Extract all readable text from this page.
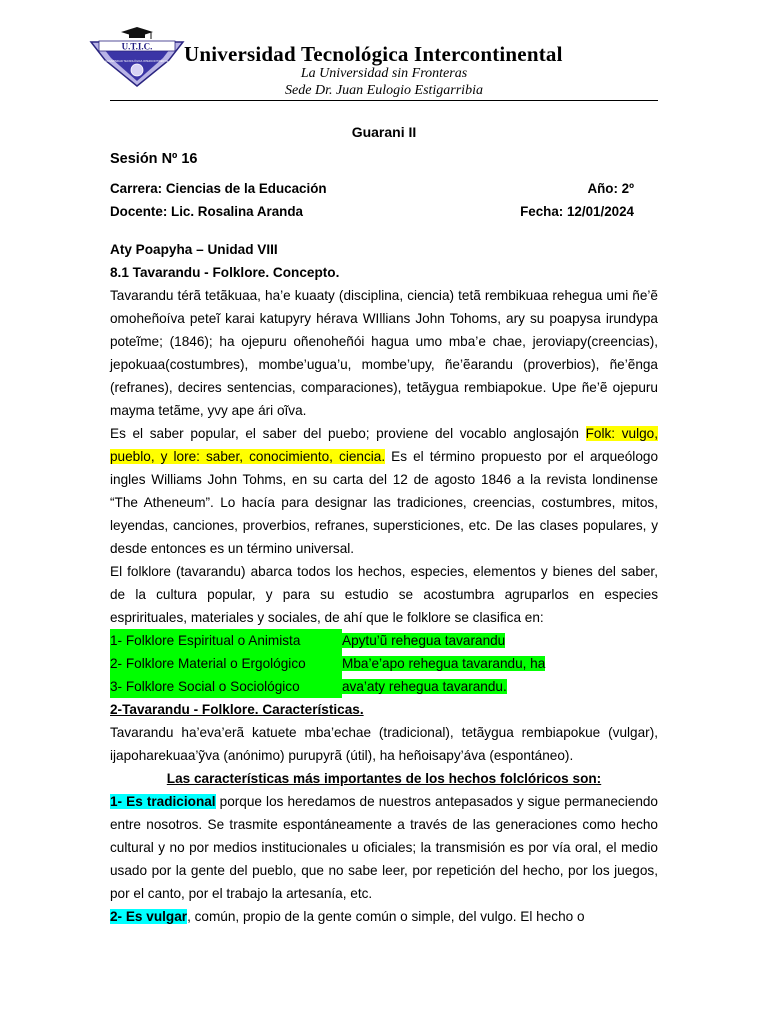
U.T.I.C.
UNIVERSIDAD TECNOLÓGICA INTERCONTINENTAL Universidad Tecnológica Intercontinental
La Universidad sin Fronteras
Sede Dr. Juan Eulogio Estigarribia
Guarani II
Sesión Nº 16
Carrera: Ciencias de la Educación	Año: 2º
Docente: Lic. Rosalina Aranda	Fecha: 12/01/2024
Aty Poapyha – Unidad VIII
8.1 Tavarandu - Folklore. Concepto.

Tavarandu térã tetãkuaa, ha’e kuaaty (disciplina, ciencia) tetã rembikuaa rehegua umi ñe’ẽ omoheñoíva peteĩ karai katupyry hérava WIllians John Tohoms, ary su poapysa irundypa poteĩme; (1846); ha ojepuru oñenoheñói hagua umo mba’e chae, jeroviapy(creencias), jepokuaa(costumbres), mombe’ugua’u, mombe’upy, ñe’ẽarandu (proverbios), ñe’ẽnga (refranes), decires sentencias, comparaciones), tetãygua rembiapokue. Upe ñe’ẽ ojepuru mayma tetãme, yvy ape ári oĩva.

Es el saber popular, el saber del puebo; proviene del vocablo anglosajón Folk: vulgo, pueblo, y lore: saber, conocimiento, ciencia. Es el término propuesto por el arqueólogo ingles Williams John Tohms, en su carta del 12 de agosto 1846 a la revista londinense “The Atheneum”. Lo hacía para designar las tradiciones, creencias, costumbres, mitos, leyendas, canciones, proverbios, refranes, supersticiones, etc. De las clases populares, y desde entonces es un término universal.

El folklore (tavarandu) abarca todos los hechos, especies, elementos y bienes del saber, de la cultura popular, y para su estudio se acostumbra agruparlos en especies esprirituales, materiales y sociales, de ahí que le folklore se clasifica en:

1- Folklore Espiritual o Animista	Apytu’ũ rehegua tavarandu
2- Folklore Material o Ergológico	Mba’e’apo rehegua tavarandu, ha
3- Folklore Social o Sociológico	ava’aty rehegua tavarandu.
2-Tavarandu - Folklore. Características.

Tavarandu ha’eva’erã katuete mba’echae (tradicional), tetãygua rembiapokue (vulgar), ijapoharekuaa’ỹva (anónimo) purupyrã (útil), ha heñoisapy’áva (espontáneo).

Las características más importantes de los hechos folclóricos son:

1- Es tradicional porque los heredamos de nuestros antepasados y sigue permaneciendo entre nosotros. Se trasmite espontáneamente a través de las generaciones como hecho cultural y no por medios institucionales u oficiales; la transmisión es por vía oral, el medio usado por la gente del pueblo, que no sabe leer, por repetición del hecho, por los juegos, por el canto, por el trabajo la artesanía, etc.

2- Es vulgar, común, propio de la gente común o simple, del vulgo. El hecho o
